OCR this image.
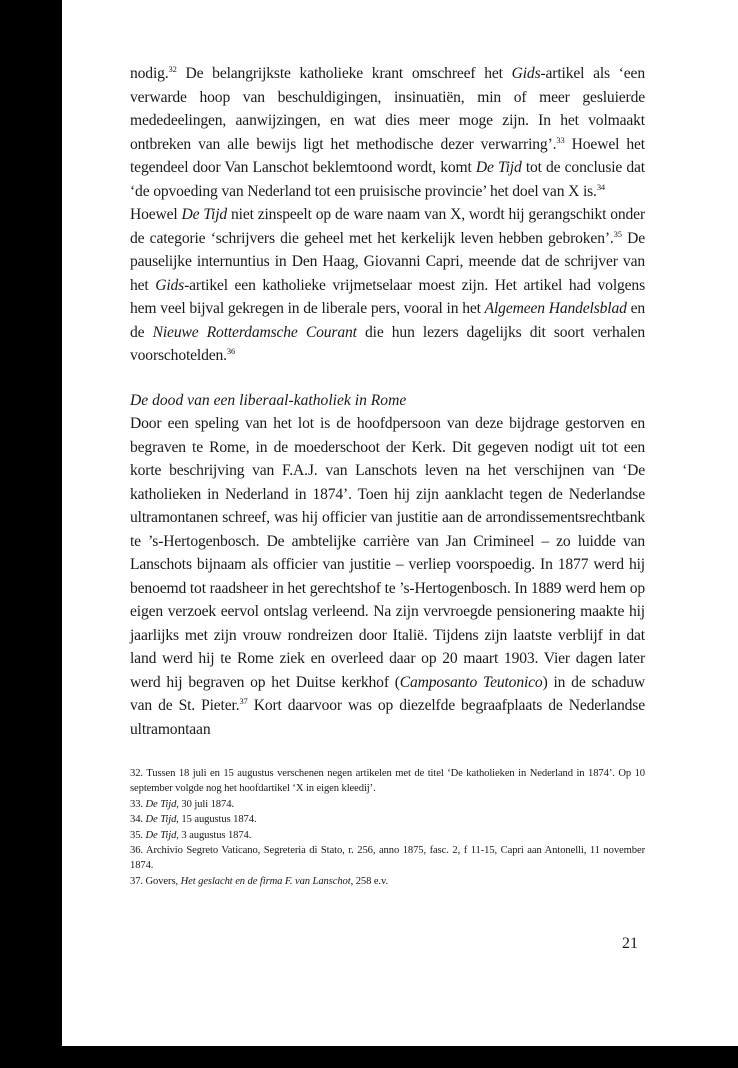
nodig.$^{32}$ De belangrijkste katholieke krant omschreef het Gids-artikel als ‘een verwarde hoop van beschuldigingen, insinuatiën, min of meer gesluierde mededeelingen, aanwijzingen, en wat dies meer moge zijn. In het volmaakt ontbreken van alle bewijs ligt het methodische dezer verwarring’.$^{33}$ Hoewel het tegendeel door Van Lanschot beklemtoond wordt, komt De Tijd tot de conclusie dat ‘de opvoeding van Nederland tot een pruisische provincie’ het doel van X is.$^{34}$

Hoewel De Tijd niet zinspeelt op de ware naam van X, wordt hij gerangschikt onder de categorie ‘schrijvers die geheel met het kerkelijk leven hebben gebroken’.$^{35}$ De pauselijke internuntius in Den Haag, Giovanni Capri, meende dat de schrijver van het Gids-artikel een katholieke vrijmetselaar moest zijn. Het artikel had volgens hem veel bijval gekregen in de liberale pers, vooral in het Algemeen Handelsblad en de Nieuwe Rotterdamsche Courant die hun lezers dagelijks dit soort verhalen voorschotelden.$^{36}$

De dood van een liberaal-katholiek in Rome

Door een speling van het lot is de hoofdpersoon van deze bijdrage gestorven en begraven te Rome, in de moederschoot der Kerk. Dit gegeven nodigt uit tot een korte beschrijving van F.A.J. van Lanschots leven na het verschijnen van ‘De katholieken in Nederland in 1874’. Toen hij zijn aanklacht tegen de Nederlandse ultramontanen schreef, was hij officier van justitie aan de arrondissementsrechtbank te ’s-Hertogenbosch. De ambtelijke carrière van Jan Crimineel – zo luidde van Lanschots bijnaam als officier van justitie – verliep voorspoedig. In 1877 werd hij benoemd tot raadsheer in het gerechtshof te ’s-Hertogenbosch. In 1889 werd hem op eigen verzoek eervol ontslag verleend. Na zijn vervroegde pensionering maakte hij jaarlijks met zijn vrouw rondreizen door Italië. Tijdens zijn laatste verblijf in dat land werd hij te Rome ziek en overleed daar op 20 maart 1903. Vier dagen later werd hij begraven op het Duitse kerkhof (Camposanto Teutonico) in de schaduw van de St. Pieter.$^{37}$ Kort daarvoor was op diezelfde begraafplaats de Nederlandse ultramontaan

32. Tussen 18 juli en 15 augustus verschenen negen artikelen met de titel ‘De katholieken in Nederland in 1874’. Op 10 september volgde nog het hoofdartikel ‘X in eigen kleedij’.

33. De Tijd, 30 juli 1874.

34. De Tijd, 15 augustus 1874.

35. De Tijd, 3 augustus 1874.

36. Archivio Segreto Vaticano, Segreteria di Stato, r. 256, anno 1875, fasc. 2, f 11-15, Capri aan Antonelli, 11 november 1874.

37. Govers, Het geslacht en de firma F. van Lanschot, 258 e.v.

21
